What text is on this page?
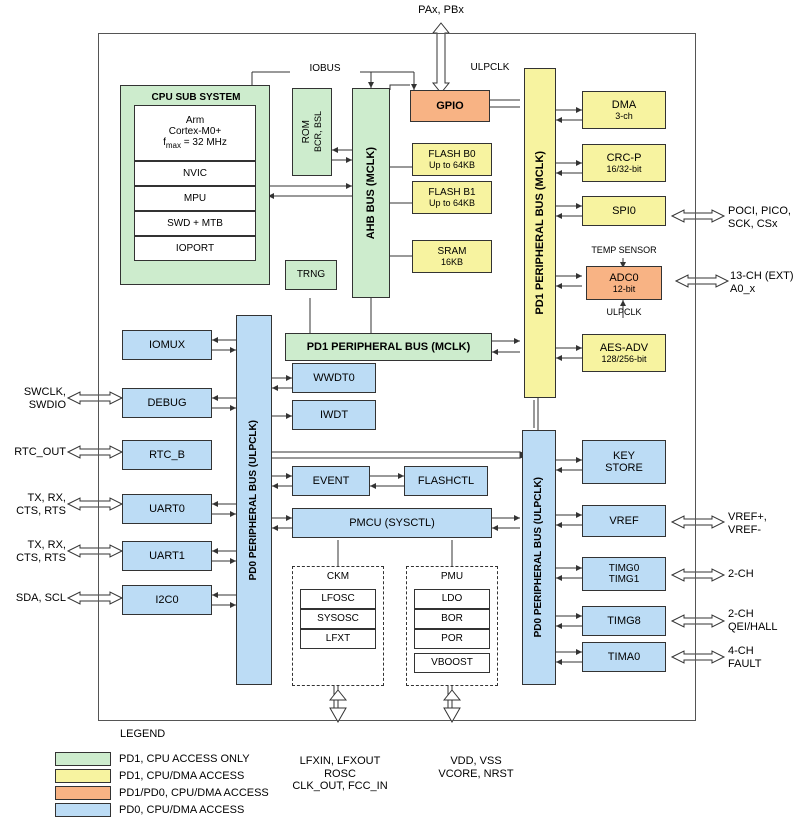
PAx, PBx
IOBUS	ULPCLK
CPU SUB SYSTEM
Arm
Cortex-M0+
$f_{max} = 32$ MHz
NVIC
MPU
SWD + MTB
IOPORT
ROM BCR, BSL
AHB BUS (MCLK)
GPIO
FLASH B0
Up to 64KB
FLASH B1
Up to 64KB
SRAM
16KB
TRNG
PD1 PERIPHERAL BUS (MCLK)
PD1 PERIPHERAL BUS (MCLK)
PD0 PERIPHERAL BUS (ULPCLK)
PD0 PERIPHERAL BUS (ULPCLK)
DMA
3-ch
CRC-P
16/32-bit
SPI0
TEMP SENSOR
ADC0
12-bit
ULPCLK
AES-ADV
128/256-bit
KEY
STORE
VREF
TIMG0
TIMG1
TIMG8
TIMA0
IOMUX
DEBUG
RTC_B
UART0
UART1
I2C0
WWDT0
IWDT
EVENT	FLASHCTL
PMCU (SYSCTL)
CKM
LFOSC
SYSOSC
LFXT
PMU
LDO
BOR
POR
VBOOST
SWCLK,
SWDIO
RTC_OUT
TX, RX,
CTS, RTS
TX, RX,
CTS, RTS
SDA, SCL
POCI, PICO,
SCK, CSx
13-CH (EXT)
A0_x
VREF+,
VREF-
2-CH
2-CH
QEI/HALL
4-CH
FAULT
LFXIN, LFXOUT
ROSC
CLK_OUT, FCC_IN
VDD, VSS
VCORE, NRST
LEGEND
PD1, CPU ACCESS ONLY
PD1, CPU/DMA ACCESS
PD1/PD0, CPU/DMA ACCESS
PD0, CPU/DMA ACCESS
